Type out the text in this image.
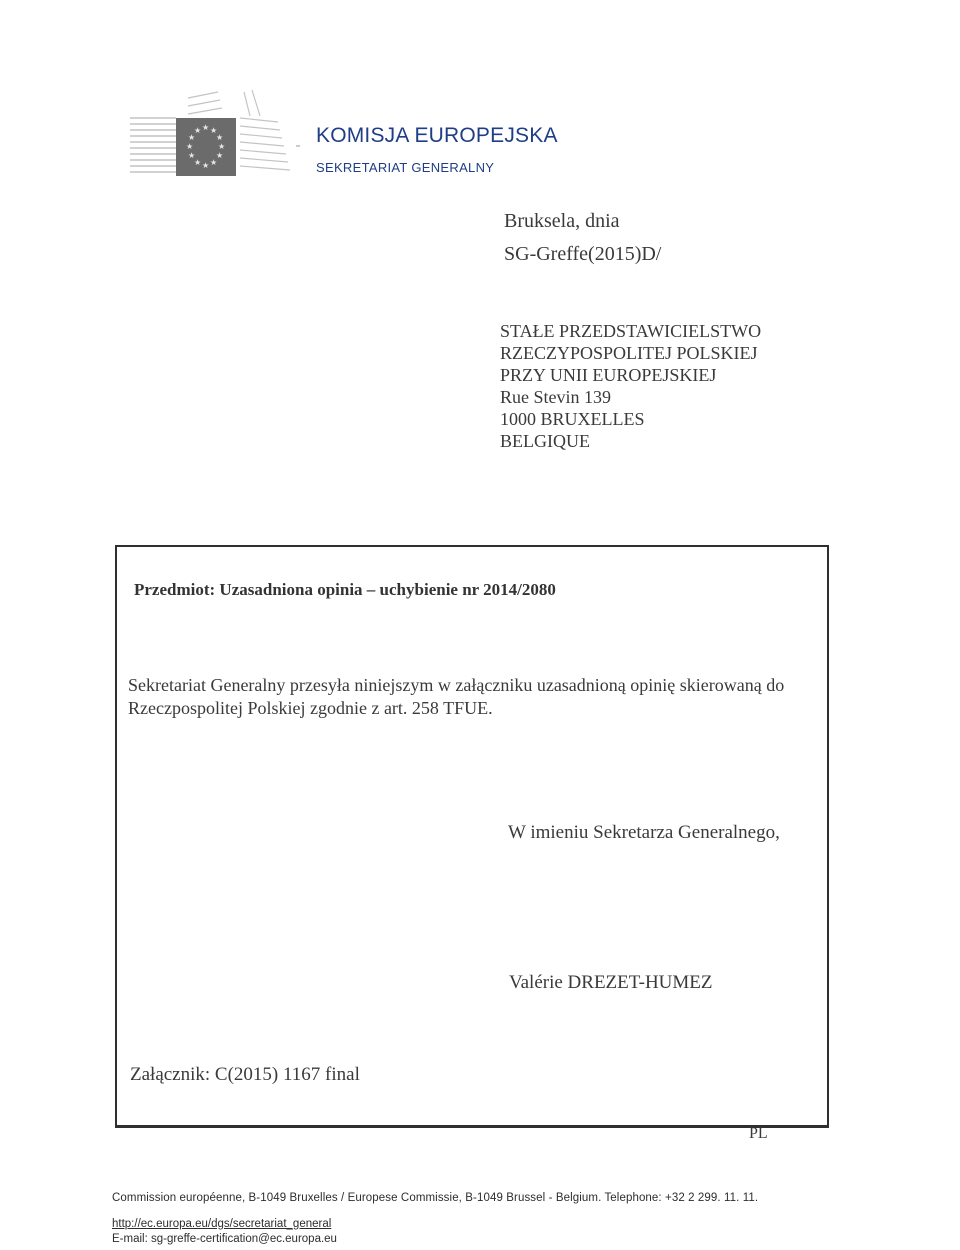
★ ★
★
★
★
★
★
★
★
★
★
★	KOMISJA EUROPEJSKA
SEKRETARIAT GENERALNY
Bruksela, dnia
SG-Greffe(2015)D/
STAŁE PRZEDSTAWICIELSTWO
RZECZYPOSPOLITEJ POLSKIEJ
PRZY UNII EUROPEJSKIEJ
Rue Stevin 139
1000 BRUXELLES
BELGIQUE
Przedmiot: Uzasadniona opinia – uchybienie nr 2014/2080
Sekretariat Generalny przesyła niniejszym w załączniku uzasadnioną opinię skierowaną do Rzeczpospolitej Polskiej zgodnie z art. 258 TFUE.
W imieniu Sekretarza Generalnego,
Valérie DREZET-HUMEZ
Załącznik: C(2015) 1167 final
PL
Commission européenne, B-1049 Bruxelles / Europese Commissie, B-1049 Brussel - Belgium. Telephone: +32 2 299. 11. 11.
http://ec.europa.eu/dgs/secretariat_general
E-mail: sg-greffe-certification@ec.europa.eu
